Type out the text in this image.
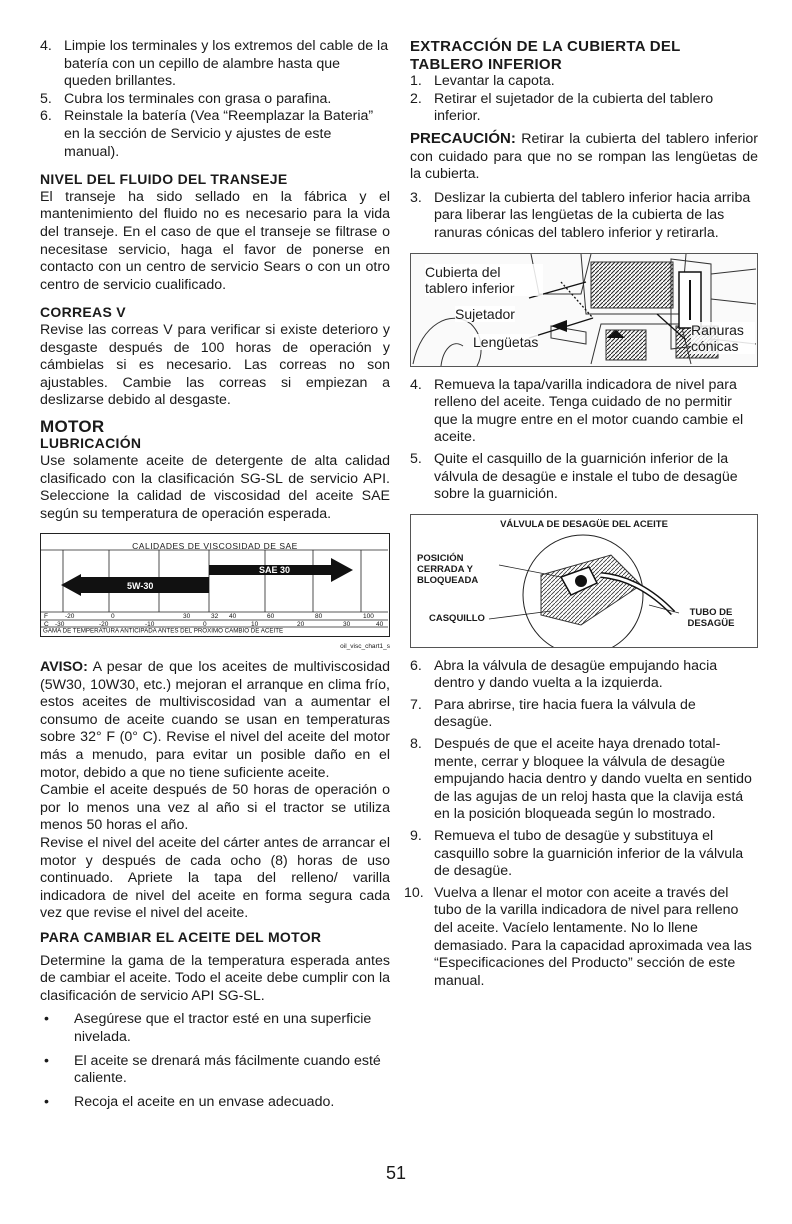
4. Limpie los terminales y los extremos del cable de la batería con un cepillo de alambre hasta que queden brillantes.
5. Cubra los terminales con grasa o parafina.
6. Reinstale la batería (Vea “Reemplazar la Bateria” en la sección de Servicio y ajustes de este manual).

NIVEL DEL FLUIDO DEL TRANSEJE

El transeje ha sido sellado en la fábrica y el mantenimiento del fluido no es necesario para la vida del transeje. En el caso de que el transeje se filtrase o necesitase servicio, haga el favor de ponerse en contacto con un centro de servicio Sears o con un otro centro de servicio cualificado.

CORREAS V

Revise las correas V para verificar si existe deterioro y desgaste después de 100 horas de operación y cámbielas si es necesario. Las correas no son ajustables. Cambie las correas si empiezan a deslizarse debido al desgaste.

MOTOR

LUBRICACIÓN

Use solamente aceite de detergente de alta calidad clasificado con la clasificación SG-SL de servicio API. Seleccione la calidad de viscosidad del aceite SAE según su temperatura de operación esperada.

CALIDADES DE VISCOSIDAD DE SAE
5W-30
SAE 30
F	-20	0	30	32 40	60	80	100
C -30	-20	-10	0	10	20	30	40
GAMA DE TEMPERATURA ANTICIPADA ANTES DEL PROXIMO CAMBIO DE ACEITE
oil_visc_chart1_s

AVISO: A pesar de que los aceites de multiviscosidad (5W30, 10W30, etc.) mejoran el arranque en clima frío, estos aceites de multiviscosidad van a aumentar el consumo de aceite cuando se usan en temperaturas sobre 32° F (0° C). Revise el nivel del aceite del motor más a menudo, para evitar un posible daño en el motor, debido a que no tiene suficiente aceite.

Cambie el aceite después de 50 horas de operación o por lo menos una vez al año si el tractor se utiliza menos 50 horas el año.

Revise el nivel del aceite del cárter antes de arrancar el motor y después de cada ocho (8) horas de uso continuado. Apriete la tapa del relleno/ varilla indicadora de nivel del aceite en forma segura cada vez que revise el nivel del aceite.

PARA CAMBIAR EL ACEITE DEL MOTOR

Determine la gama de la temperatura esperada antes de cambiar el aceite. Todo el aceite debe cumplir con la clasificación de servicio API SG-SL.

•	Asegúrese que el tractor esté en una superficie nivelada.
•	El aceite se drenará más fácilmente cuando esté caliente.
•	Recoja el aceite en un envase adecuado.

EXTRACCIÓN DE LA CUBIERTA DEL TABLERO INFERIOR

1. Levantar la capota.
2. Retirar el sujetador de la cubierta del tablero inferior.

PRECAUCIÓN: Retirar la cubierta del tablero inferior con cuidado para que no se rompan las lengüetas de la cubierta.

3. Deslizar la cubierta del tablero inferior hacia arriba para liberar las lengüetas de la cubierta de las ranuras cónicas del tablero inferior y retirarla.
Cubierta del tablero inferior
Sujetador
Lengüetas
Ranuras cónicas
4. Remueva la tapa/varilla indicadora de nivel para relleno del aceite. Tenga cuidado de no permitir que la mugre entre en el motor cuando cambie el aceite.
5. Quite el casquillo de la guarnición inferior de la válvula de desagüe e instale el tubo de desagüe sobre la guarnición.
VÁLVULA DE DESAGÜE DEL ACEITE
POSICIÓN CERRADA Y BLOQUEADA
CASQUILLO
TUBO DE DESAGÜE
6. Abra la válvula de desagüe empujando hacia dentro y dando vuelta a la izquierda.
7. Para abrirse, tire hacia fuera la válvula de desagüe.
8. Después de que el aceite haya drenado total-mente, cerrar y bloquee la válvula de desagüe empujando hacia dentro y dando vuelta en sentido de las agujas de un reloj hasta que la clavija está en la posición bloqueada según lo mostrado.
9. Remueva el tubo de desagüe y substituya el casquillo sobre la guarnición inferior de la válvula de desagüe.
10. Vuelva a llenar el motor con aceite a través del tubo de la varilla indicadora de nivel para relleno del aceite. Vacíelo lentamente. No lo llene demasiado. Para la capacidad aproximada vea las “Especificaciones del Producto” sección de este manual.
51
